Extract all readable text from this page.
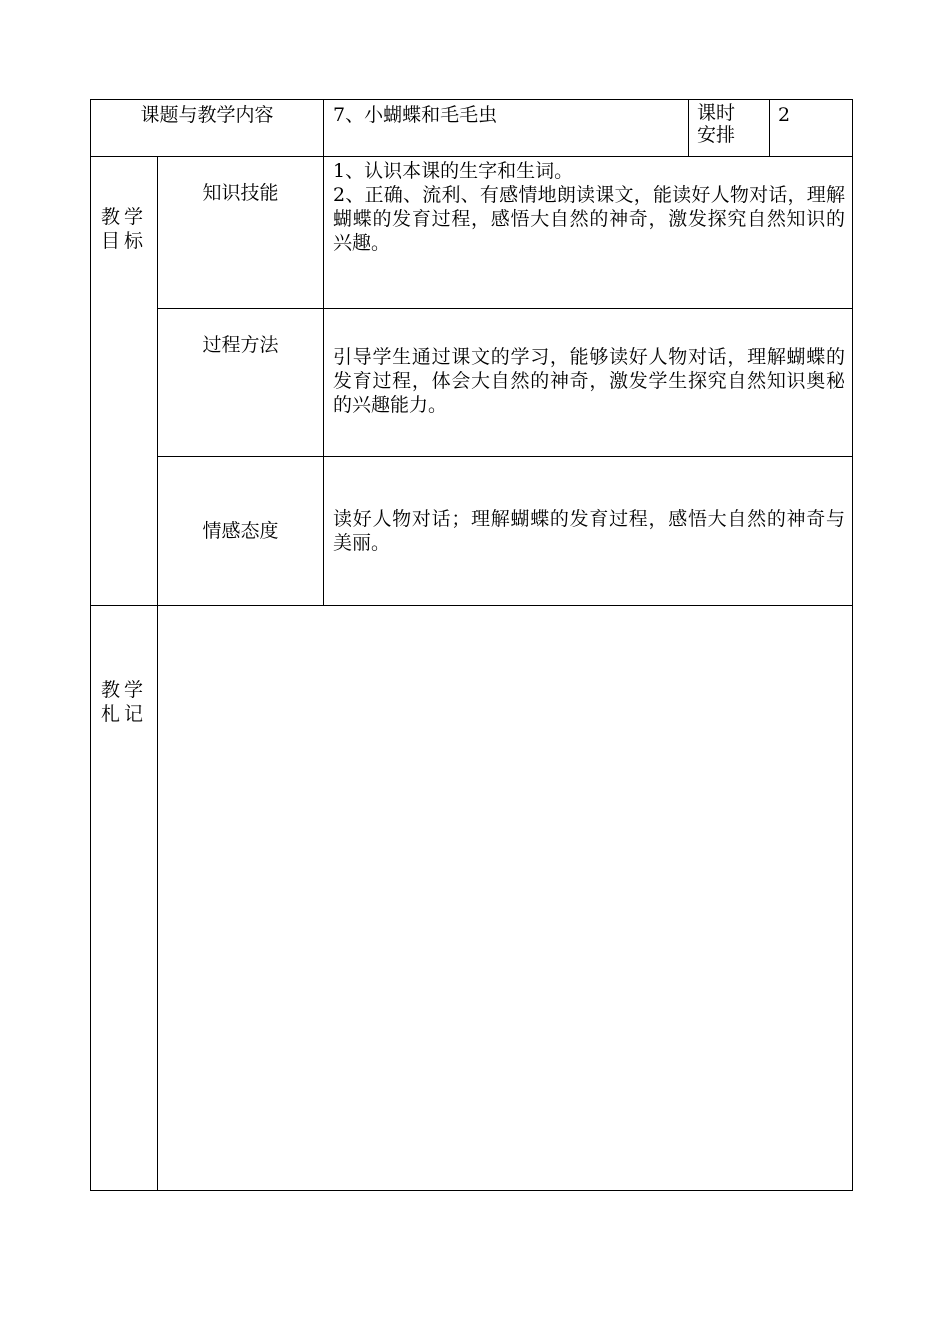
课题与教学内容	7、小蝴蝶和毛毛虫	课时安排
2
教学目标
知识技能
1、认识本课的生字和生词。
2、正确、流利、有感情地朗读课文，能读好人物对话，理解蝴蝶的发育过程，感悟大自然的神奇，激发探究自然知识的兴趣。
过程方法
引导学生通过课文的学习，能够读好人物对话，理解蝴蝶的发育过程，体会大自然的神奇，激发学生探究自然知识奥秘的兴趣能力。
情感态度
读好人物对话；理解蝴蝶的发育过程，感悟大自然的神奇与美丽。
教学札记
